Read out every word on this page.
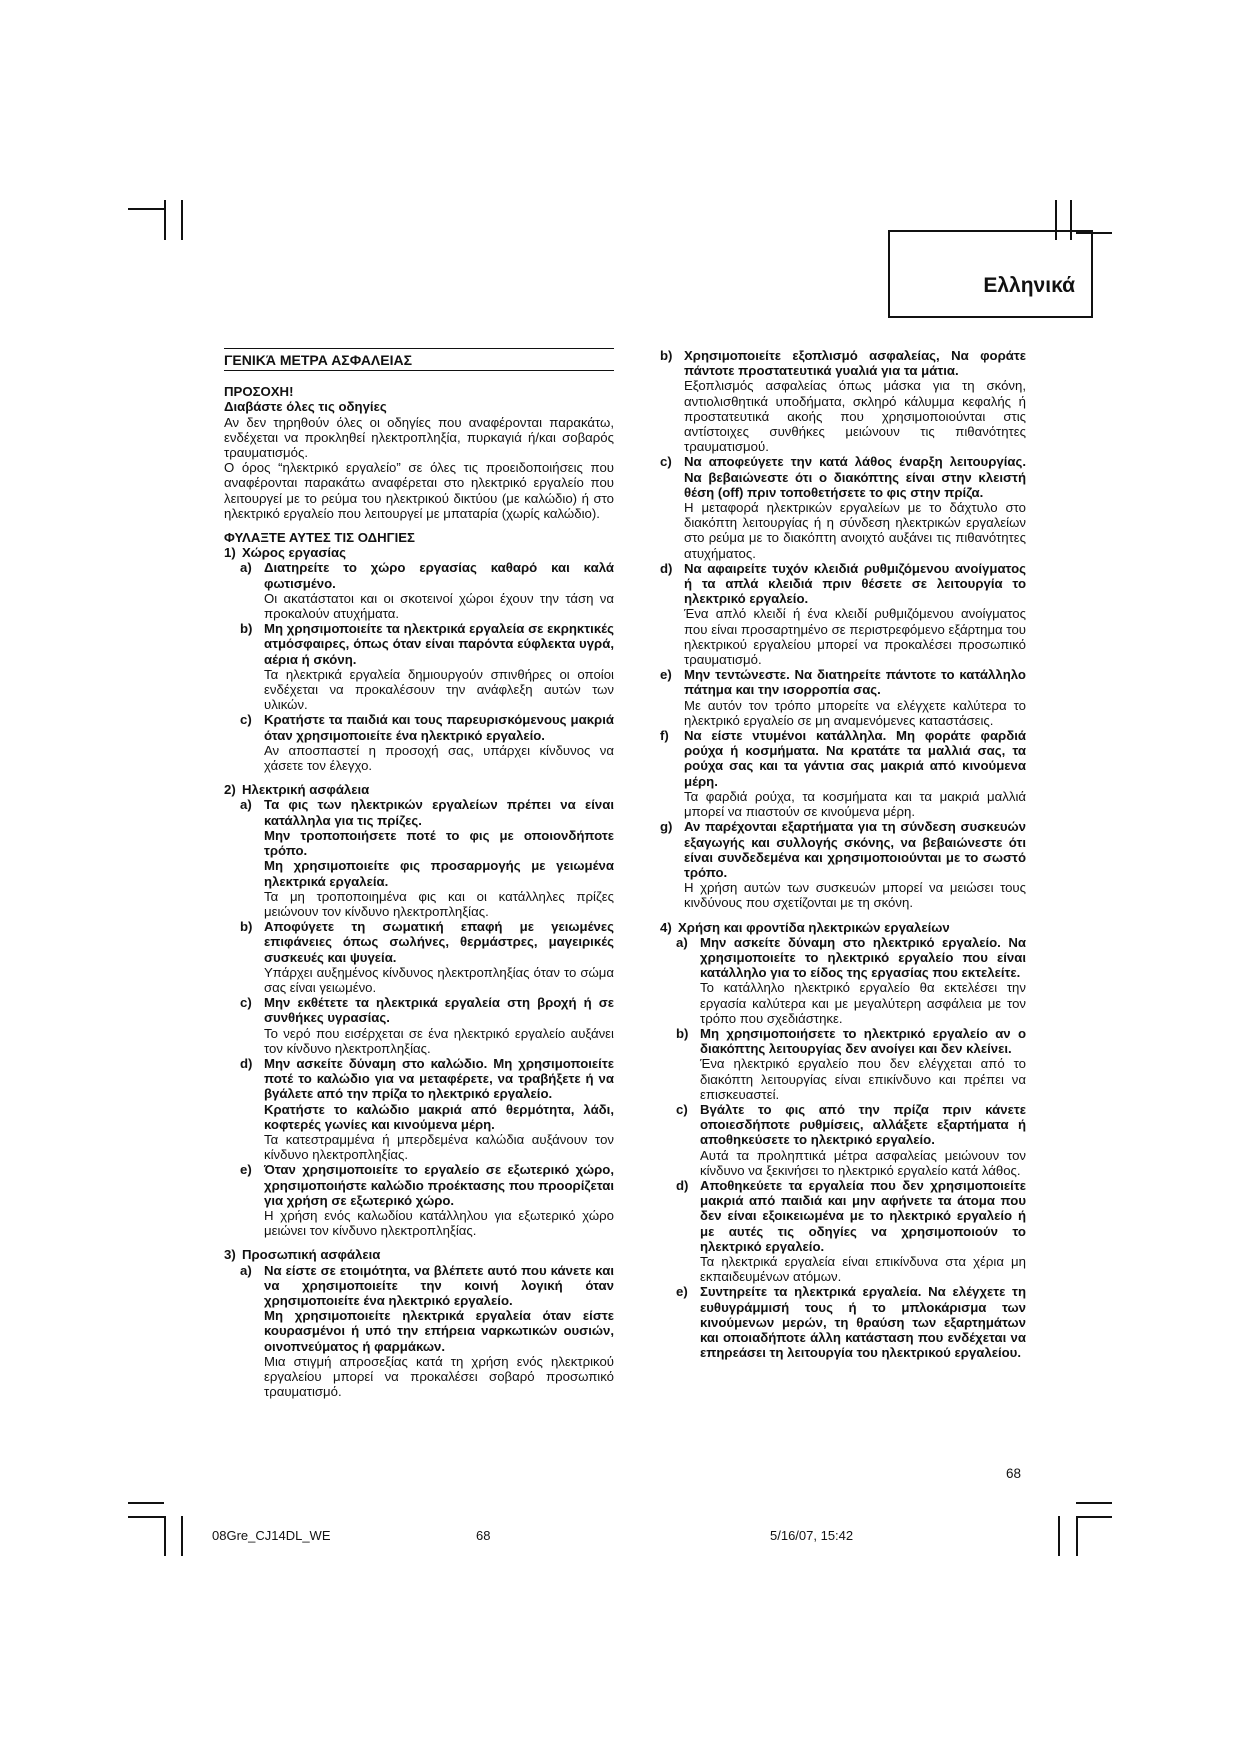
Ελληνικά
ΓΕΝΙΚΆ ΜΕΤΡΑ ΑΣΦΑΛΕΙΑΣ

ΠΡΟΣΟΧΗ!

Διαβάστε όλες τις οδηγίες

Αν δεν τηρηθούν όλες οι οδηγίες που αναφέρονται παρακάτω, ενδέχεται να προκληθεί ηλεκτροπληξία, πυρκαγιά ή/και σοβαρός τραυματισμός.

Ο όρος “ηλεκτρικό εργαλείο” σε όλες τις προειδοποιήσεις που αναφέρονται παρακάτω αναφέρεται στο ηλεκτρικό εργαλείο που λειτουργεί με το ρεύμα του ηλεκτρικού δικτύου (με καλώδιο) ή στο ηλεκτρικό εργαλείο που λειτουργεί με μπαταρία (χωρίς καλώδιο).

ΦΥΛΑΞΤΕ ΑΥΤΕΣ ΤΙΣ ΟΔΗΓΙΕΣ

1) Χώρος εργασίας
a) Διατηρείτε το χώρο εργασίας καθαρό και καλά φωτισμένο.

Οι ακατάστατοι και οι σκοτεινοί χώροι έχουν την τάση να προκαλούν ατυχήματα.

b) Μη χρησιμοποιείτε τα ηλεκτρικά εργαλεία σε εκρηκτικές ατμόσφαιρες, όπως όταν είναι παρόντα εύφλεκτα υγρά, αέρια ή σκόνη.

Τα ηλεκτρικά εργαλεία δημιουργούν σπινθήρες οι οποίοι ενδέχεται να προκαλέσουν την ανάφλεξη αυτών των υλικών.

c) Κρατήστε τα παιδιά και τους παρευρισκόμενους μακριά όταν χρησιμοποιείτε ένα ηλεκτρικό εργαλείο.

Αν αποσπαστεί η προσοχή σας, υπάρχει κίνδυνος να χάσετε τον έλεγχο.

2) Ηλεκτρική ασφάλεια
a) Τα φις των ηλεκτρικών εργαλείων πρέπει να είναι κατάλληλα για τις πρίζες.

Μην τροποποιήσετε ποτέ το φις με οποιονδήποτε τρόπο.

Μη χρησιμοποιείτε φις προσαρμογής με γειωμένα ηλεκτρικά εργαλεία.

Τα μη τροποποιημένα φις και οι κατάλληλες πρίζες μειώνουν τον κίνδυνο ηλεκτροπληξίας.

b) Αποφύγετε τη σωματική επαφή με γειωμένες επιφάνειες όπως σωλήνες, θερμάστρες, μαγειρικές συσκευές και ψυγεία.

Υπάρχει αυξημένος κίνδυνος ηλεκτροπληξίας όταν το σώμα σας είναι γειωμένο.

c) Μην εκθέτετε τα ηλεκτρικά εργαλεία στη βροχή ή σε συνθήκες υγρασίας.

Το νερό που εισέρχεται σε ένα ηλεκτρικό εργαλείο αυξάνει τον κίνδυνο ηλεκτροπληξίας.

d) Μην ασκείτε δύναμη στο καλώδιο. Μη χρησιμοποιείτε ποτέ το καλώδιο για να μεταφέρετε, να τραβήξετε ή να βγάλετε από την πρίζα το ηλεκτρικό εργαλείο.

Κρατήστε το καλώδιο μακριά από θερμότητα, λάδι, κοφτερές γωνίες και κινούμενα μέρη.

Τα κατεστραμμένα ή μπερδεμένα καλώδια αυξάνουν τον κίνδυνο ηλεκτροπληξίας.

e) Όταν χρησιμοποιείτε το εργαλείο σε εξωτερικό χώρο, χρησιμοποιήστε καλώδιο προέκτασης που προορίζεται για χρήση σε εξωτερικό χώρο.

Η χρήση ενός καλωδίου κατάλληλου για εξωτερικό χώρο μειώνει τον κίνδυνο ηλεκτροπληξίας.

3) Προσωπική ασφάλεια
a) Να είστε σε ετοιμότητα, να βλέπετε αυτό που κάνετε και να χρησιμοποιείτε την κοινή λογική όταν χρησιμοποιείτε ένα ηλεκτρικό εργαλείο.

Μη χρησιμοποιείτε ηλεκτρικά εργαλεία όταν είστε κουρασμένοι ή υπό την επήρεια ναρκωτικών ουσιών, οινοπνεύματος ή φαρμάκων.

Μια στιγμή απροσεξίας κατά τη χρήση ενός ηλεκτρικού εργαλείου μπορεί να προκαλέσει σοβαρό προσωπικό τραυματισμό.

b) Χρησιμοποιείτε εξοπλισμό ασφαλείας, Να φοράτε πάντοτε προστατευτικά γυαλιά για τα μάτια.

Εξοπλισμός ασφαλείας όπως μάσκα για τη σκόνη, αντιολισθητικά υποδήματα, σκληρό κάλυμμα κεφαλής ή προστατευτικά ακοής που χρησιμοποιούνται στις αντίστοιχες συνθήκες μειώνουν τις πιθανότητες τραυματισμού.

c) Να αποφεύγετε την κατά λάθος έναρξη λειτουργίας. Να βεβαιώνεστε ότι ο διακόπτης είναι στην κλειστή θέση (off) πριν τοποθετήσετε το φις στην πρίζα.

Η μεταφορά ηλεκτρικών εργαλείων με το δάχτυλο στο διακόπτη λειτουργίας ή η σύνδεση ηλεκτρικών εργαλείων στο ρεύμα με το διακόπτη ανοιχτό αυξάνει τις πιθανότητες ατυχήματος.

d) Να αφαιρείτε τυχόν κλειδιά ρυθμιζόμενου ανοίγματος ή τα απλά κλειδιά πριν θέσετε σε λειτουργία το ηλεκτρικό εργαλείο.

Ένα απλό κλειδί ή ένα κλειδί ρυθμιζόμενου ανοίγματος που είναι προσαρτημένο σε περιστρεφόμενο εξάρτημα του ηλεκτρικού εργαλείου μπορεί να προκαλέσει προσωπικό τραυματισμό.

e) Μην τεντώνεστε. Να διατηρείτε πάντοτε το κατάλληλο πάτημα και την ισορροπία σας.

Με αυτόν τον τρόπο μπορείτε να ελέγχετε καλύτερα το ηλεκτρικό εργαλείο σε μη αναμενόμενες καταστάσεις.

f) Να είστε ντυμένοι κατάλληλα. Μη φοράτε φαρδιά ρούχα ή κοσμήματα. Να κρατάτε τα μαλλιά σας, τα ρούχα σας και τα γάντια σας μακριά από κινούμενα μέρη.

Τα φαρδιά ρούχα, τα κοσμήματα και τα μακριά μαλλιά μπορεί να πιαστούν σε κινούμενα μέρη.

g) Αν παρέχονται εξαρτήματα για τη σύνδεση συσκευών εξαγωγής και συλλογής σκόνης, να βεβαιώνεστε ότι είναι συνδεδεμένα και χρησιμοποιούνται με το σωστό τρόπο.

Η χρήση αυτών των συσκευών μπορεί να μειώσει τους κινδύνους που σχετίζονται με τη σκόνη.

4) Χρήση και φροντίδα ηλεκτρικών εργαλείων
a) Μην ασκείτε δύναμη στο ηλεκτρικό εργαλείο. Να χρησιμοποιείτε το ηλεκτρικό εργαλείο που είναι κατάλληλο για το είδος της εργασίας που εκτελείτε.

Το κατάλληλο ηλεκτρικό εργαλείο θα εκτελέσει την εργασία καλύτερα και με μεγαλύτερη ασφάλεια με τον τρόπο που σχεδιάστηκε.

b) Μη χρησιμοποιήσετε το ηλεκτρικό εργαλείο αν ο διακόπτης λειτουργίας δεν ανοίγει και δεν κλείνει.

Ένα ηλεκτρικό εργαλείο που δεν ελέγχεται από το διακόπτη λειτουργίας είναι επικίνδυνο και πρέπει να επισκευαστεί.

c) Βγάλτε το φις από την πρίζα πριν κάνετε οποιεσδήποτε ρυθμίσεις, αλλάξετε εξαρτήματα ή αποθηκεύσετε το ηλεκτρικό εργαλείο.

Αυτά τα προληπτικά μέτρα ασφαλείας μειώνουν τον κίνδυνο να ξεκινήσει το ηλεκτρικό εργαλείο κατά λάθος.

d) Αποθηκεύετε τα εργαλεία που δεν χρησιμοποιείτε μακριά από παιδιά και μην αφήνετε τα άτομα που δεν είναι εξοικειωμένα με το ηλεκτρικό εργαλείο ή με αυτές τις οδηγίες να χρησιμοποιούν το ηλεκτρικό εργαλείο.

Τα ηλεκτρικά εργαλεία είναι επικίνδυνα στα χέρια μη εκπαιδευμένων ατόμων.

e) Συντηρείτε τα ηλεκτρικά εργαλεία. Να ελέγχετε τη ευθυγράμμισή τους ή το μπλοκάρισμα των κινούμενων μερών, τη θραύση των εξαρτημάτων και οποιαδήποτε άλλη κατάσταση που ενδέχεται να επηρεάσει τη λειτουργία του ηλεκτρικού εργαλείου.

68
08Gre_CJ14DL_WE	68	5/16/07, 15:42
